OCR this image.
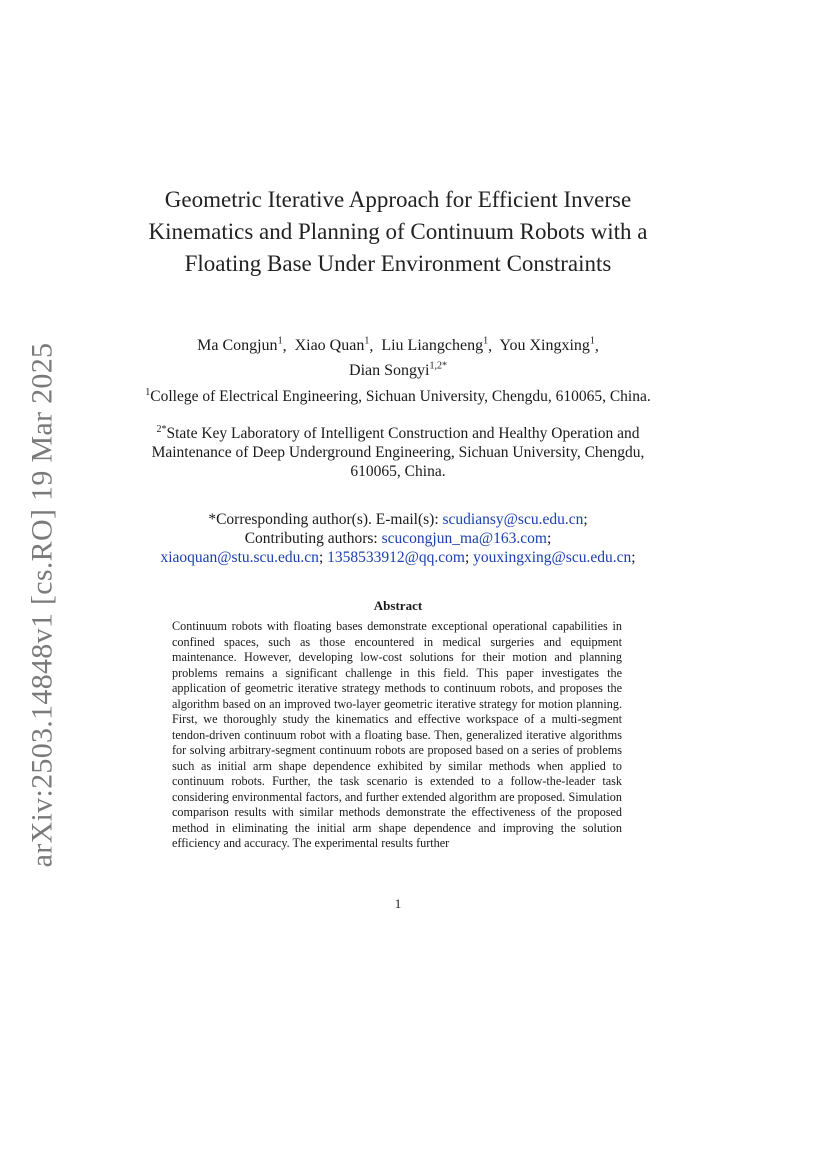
arXiv:2503.14848v1 [cs.RO] 19 Mar 2025
Geometric Iterative Approach for Efficient Inverse Kinematics and Planning of Continuum Robots with a Floating Base Under Environment Constraints
Ma Congjun$^1$,  Xiao Quan$^1$,  Liu Liangcheng$^1$,  You Xingxing$^1$,
Dian Songyi$^{1,2*}$
$^1$College of Electrical Engineering, Sichuan University, Chengdu, 610065, China.
$^{2*}$State Key Laboratory of Intelligent Construction and Healthy Operation and Maintenance of Deep Underground Engineering, Sichuan University, Chengdu, 610065, China.
*Corresponding author(s). E-mail(s): scudiansy@scu.edu.cn;
Contributing authors: scucongjun_ma@163.com;
xiaoquan@stu.scu.edu.cn; 1358533912@qq.com; youxingxing@scu.edu.cn;
Abstract

Continuum robots with floating bases demonstrate exceptional operational capabilities in confined spaces, such as those encountered in medical surgeries and equipment maintenance. However, developing low-cost solutions for their motion and planning problems remains a significant challenge in this field. This paper investigates the application of geometric iterative strategy methods to continuum robots, and proposes the algorithm based on an improved two-layer geometric iterative strategy for motion planning. First, we thoroughly study the kinematics and effective workspace of a multi-segment tendon-driven continuum robot with a floating base. Then, generalized iterative algorithms for solving arbitrary-segment continuum robots are proposed based on a series of problems such as initial arm shape dependence exhibited by similar methods when applied to continuum robots. Further, the task scenario is extended to a follow-the-leader task considering environmental factors, and further extended algorithm are proposed. Simulation comparison results with similar methods demonstrate the effectiveness of the proposed method in eliminating the initial arm shape dependence and improving the solution efficiency and accuracy. The experimental results further

1
